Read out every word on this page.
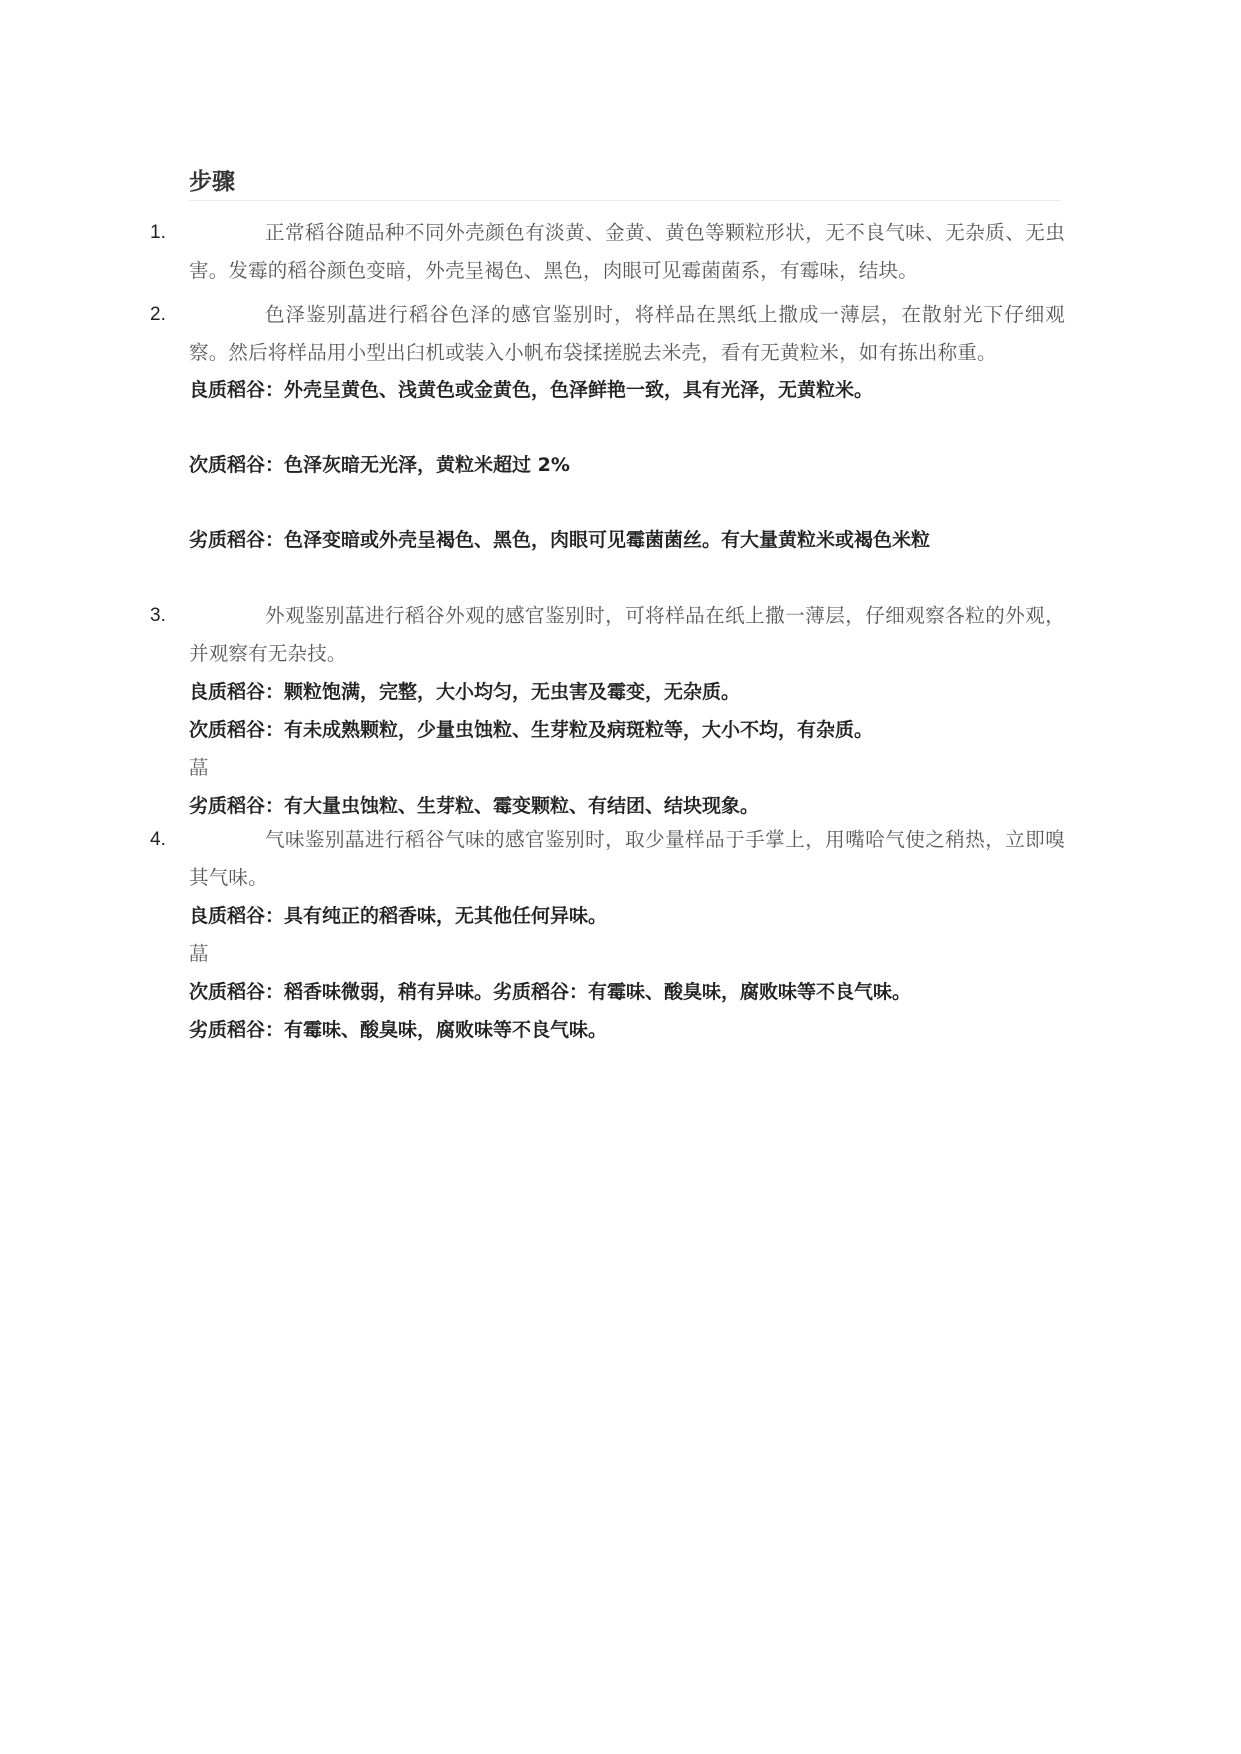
步骤
1.	正常稻谷随品种不同外壳颜色有淡黄、金黄、黄色等颗粒形状，无不良气味、无杂质、无虫害。发霉的稻谷颜色变暗，外壳呈褐色、黑色，肉眼可见霉菌菌系，有霉味，结块。

2.	色泽鉴别蕌进行稻谷色泽的感官鉴别时，将样品在黑纸上撒成一薄层，在散射光下仔细观察。然后将样品用小型出臼机或装入小帆布袋揉搓脱去米壳，看有无黄粒米，如有拣出称重。

良质稻谷：外壳呈黄色、浅黄色或金黄色，色泽鲜艳一致，具有光泽，无黄粒米。

次质稻谷：色泽灰暗无光泽，黄粒米超过 2%

劣质稻谷：色泽变暗或外壳呈褐色、黑色，肉眼可见霉菌菌丝。有大量黄粒米或褐色米粒

3.	外观鉴别蕌进行稻谷外观的感官鉴别时，可将样品在纸上撒一薄层，仔细观察各粒的外观，并观察有无杂技。

良质稻谷：颗粒饱满，完整，大小均匀，无虫害及霉变，无杂质。

次质稻谷：有未成熟颗粒，少量虫蚀粒、生芽粒及病斑粒等，大小不均，有杂质。

蕌

劣质稻谷：有大量虫蚀粒、生芽粒、霉变颗粒、有结团、结块现象。

4.	气味鉴别蕌进行稻谷气味的感官鉴别时，取少量样品于手掌上，用嘴哈气使之稍热，立即嗅其气味。

良质稻谷：具有纯正的稻香味，无其他任何异味。

蕌

次质稻谷：稻香味微弱，稍有异味。劣质稻谷：有霉味、酸臭味，腐败味等不良气味。

劣质稻谷：有霉味、酸臭味，腐败味等不良气味。
